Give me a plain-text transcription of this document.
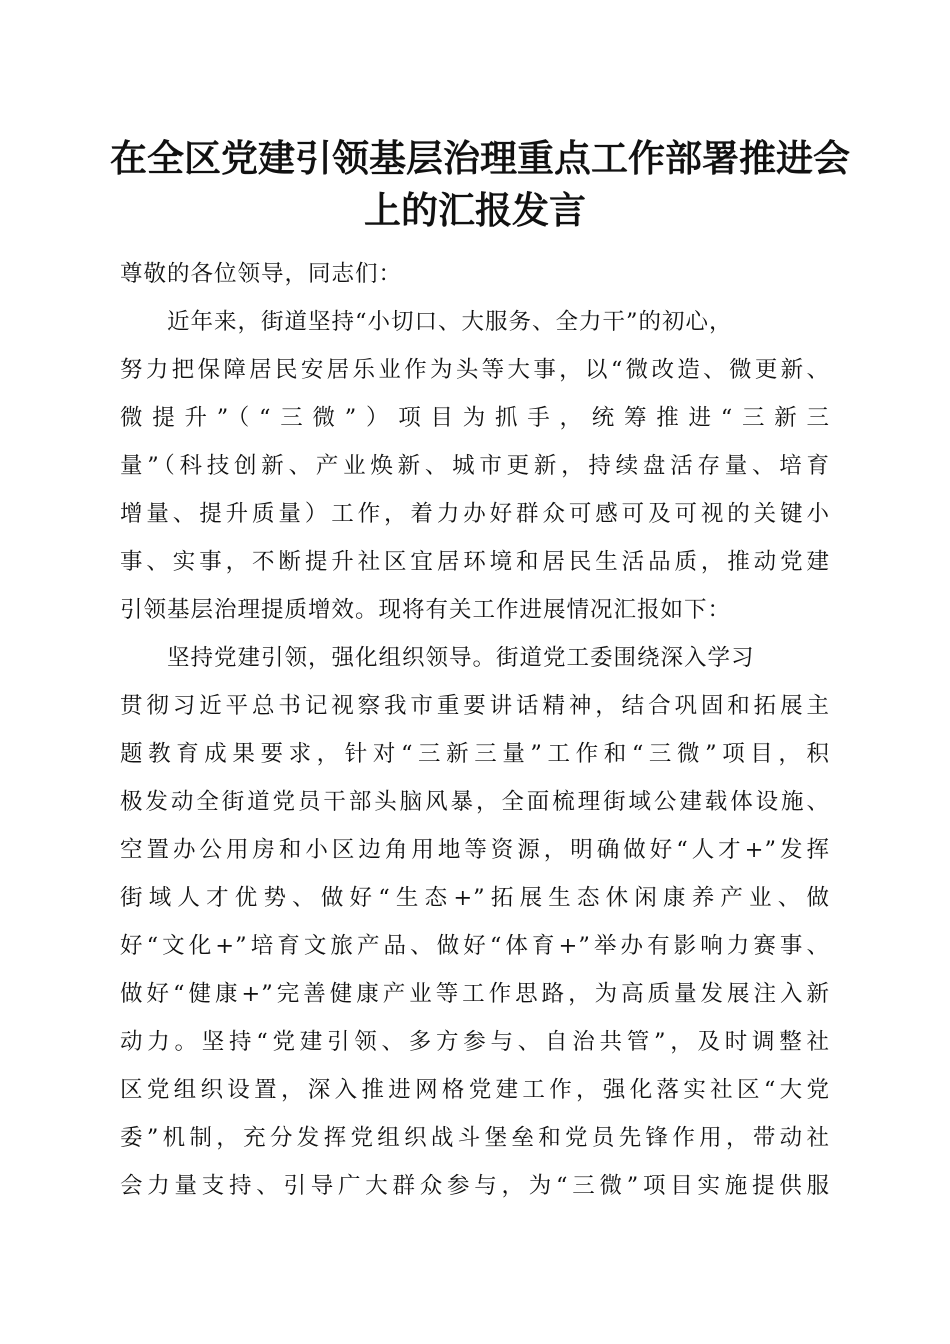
在全区党建引领基层治理重点工作部署推进会
上的汇报发言
尊敬的各位领导，同志们：
近年来，街道坚持“小切口、大服务、全力干”的初心，
努力把保障居民安居乐业作为头等大事，以“微改造、微更新、
微提升”（“三微”）项目为抓手，统筹推进“三新三
量”（科技创新、产业焕新、城市更新，持续盘活存量、培育
增量、提升质量）工作，着力办好群众可感可及可视的关键小
事、实事，不断提升社区宜居环境和居民生活品质，推动党建
引领基层治理提质增效。现将有关工作进展情况汇报如下：
坚持党建引领，强化组织领导。街道党工委围绕深入学习
贯彻习近平总书记视察我市重要讲话精神，结合巩固和拓展主
题教育成果要求，针对“三新三量”工作和“三微”项目，积
极发动全街道党员干部头脑风暴，全面梳理街域公建载体设施、
空置办公用房和小区边角用地等资源，明确做好“人才+”发挥
街域人才优势、做好“生态+”拓展生态休闲康养产业、做
好“文化+”培育文旅产品、做好“体育+”举办有影响力赛事、
做好“健康+”完善健康产业等工作思路，为高质量发展注入新
动力。坚持“党建引领、多方参与、自治共管”，及时调整社
区党组织设置，深入推进网格党建工作，强化落实社区“大党
委”机制，充分发挥党组织战斗堡垒和党员先锋作用，带动社
会力量支持、引导广大群众参与，为“三微”项目实施提供服
